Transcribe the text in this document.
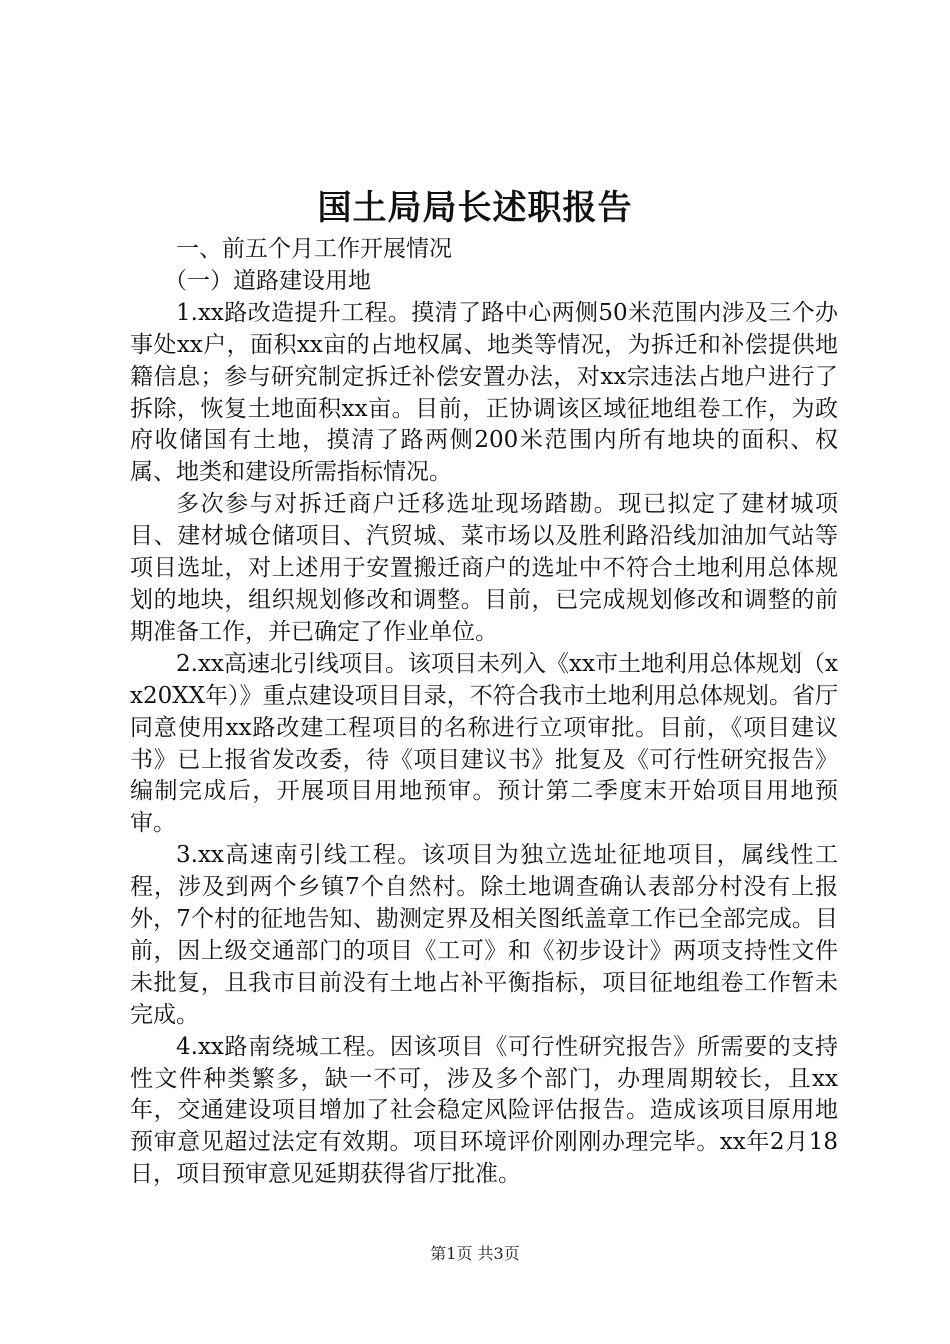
国土局局长述职报告

一、前五个月工作开展情况

（一）道路建设用地

1.xx路改造提升工程。摸清了路中心两侧50米范围内涉及三个办事处xx户，面积xx亩的占地权属、地类等情况，为拆迁和补偿提供地籍信息；参与研究制定拆迁补偿安置办法，对xx宗违法占地户进行了拆除，恢复土地面积xx亩。目前，正协调该区域征地组卷工作，为政府收储国有土地，摸清了路两侧200米范围内所有地块的面积、权属、地类和建设所需指标情况。

多次参与对拆迁商户迁移选址现场踏勘。现已拟定了建材城项目、建材城仓储项目、汽贸城、菜市场以及胜利路沿线加油加气站等项目选址，对上述用于安置搬迁商户的选址中不符合土地利用总体规划的地块，组织规划修改和调整。目前，已完成规划修改和调整的前期准备工作，并已确定了作业单位。

2.xx高速北引线项目。该项目未列入《xx市土地利用总体规划（xx20XX年）》重点建设项目目录，不符合我市土地利用总体规划。省厅同意使用xx路改建工程项目的名称进行立项审批。目前，《项目建议书》已上报省发改委，待《项目建议书》批复及《可行性研究报告》编制完成后，开展项目用地预审。预计第二季度末开始项目用地预审。

3.xx高速南引线工程。该项目为独立选址征地项目，属线性工程，涉及到两个乡镇7个自然村。除土地调查确认表部分村没有上报外，7个村的征地告知、勘测定界及相关图纸盖章工作已全部完成。目前，因上级交通部门的项目《工可》和《初步设计》两项支持性文件未批复，且我市目前没有土地占补平衡指标，项目征地组卷工作暂未完成。

4.xx路南绕城工程。因该项目《可行性研究报告》所需要的支持性文件种类繁多，缺一不可，涉及多个部门，办理周期较长，且xx年，交通建设项目增加了社会稳定风险评估报告。造成该项目原用地预审意见超过法定有效期。项目环境评价刚刚办理完毕。xx年2月18日，项目预审意见延期获得省厅批准。

第1页 共3页
